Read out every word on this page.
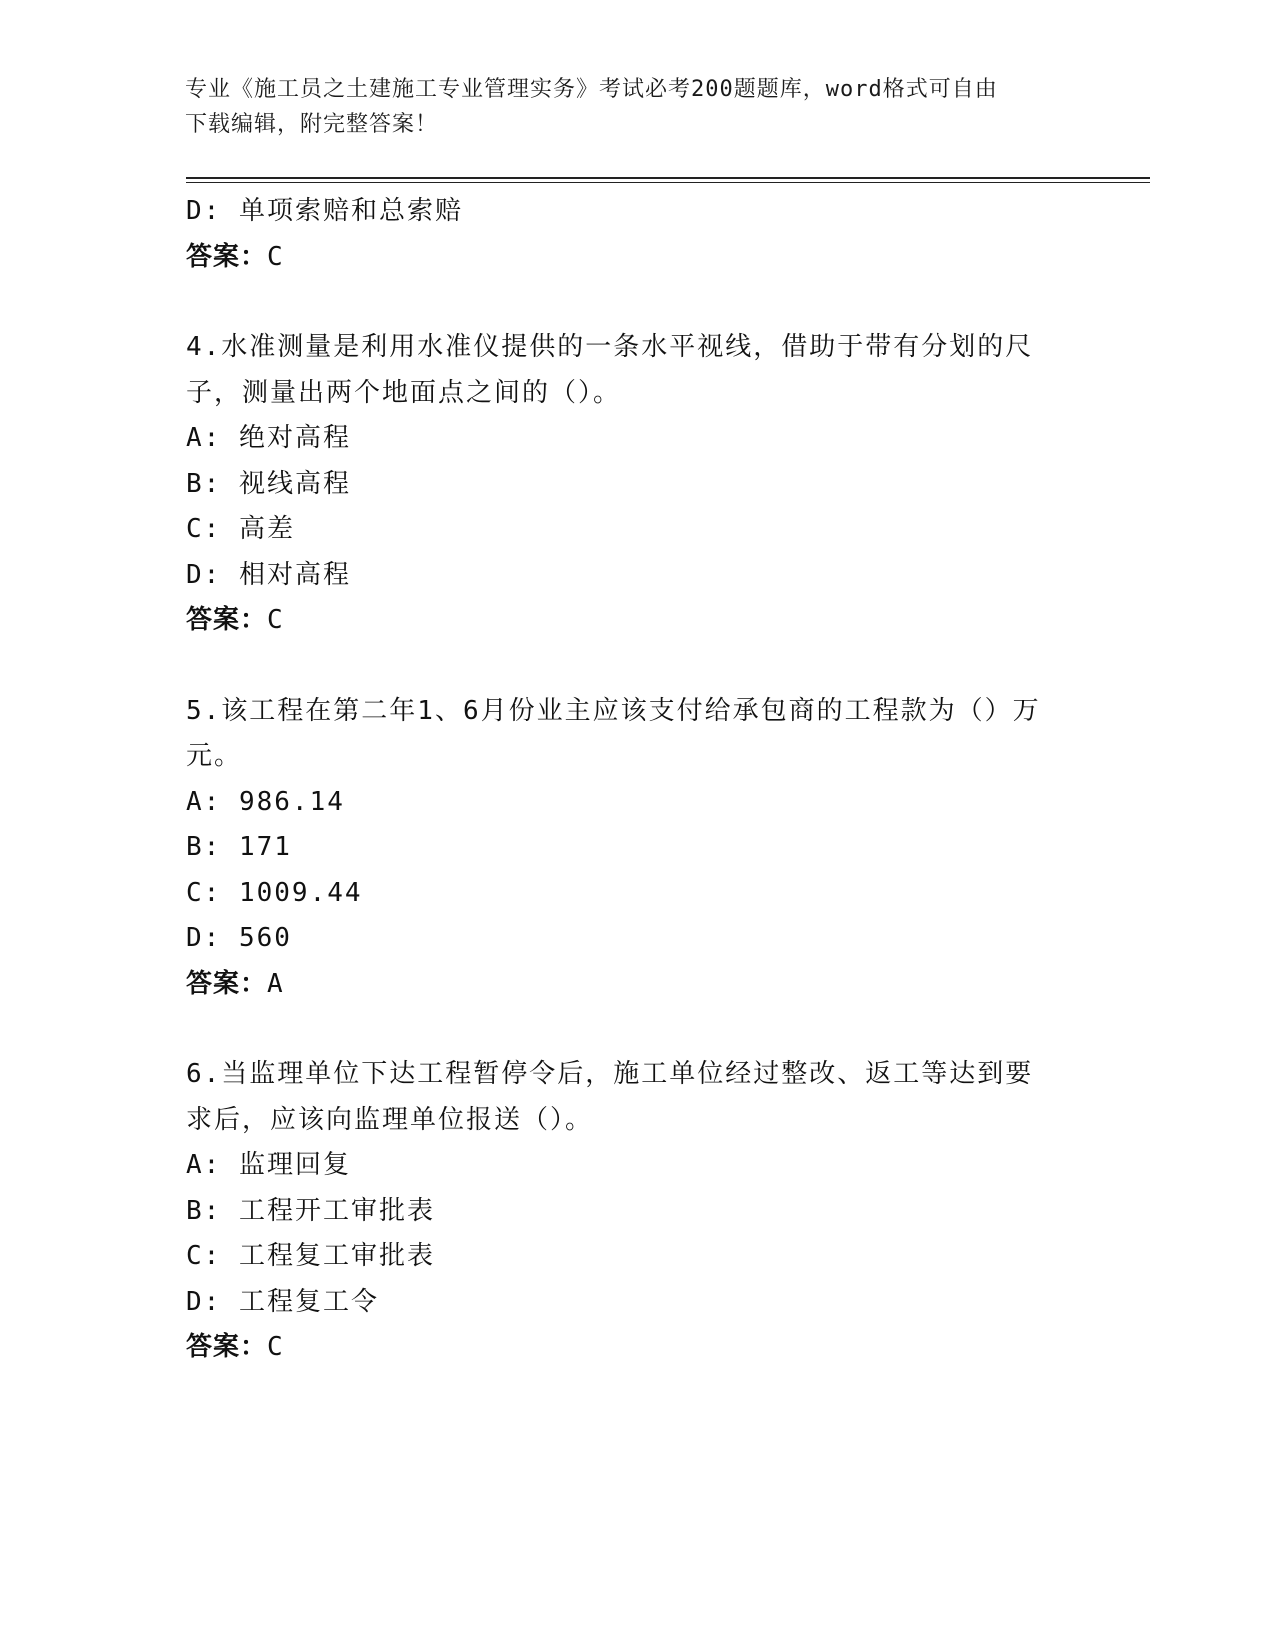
专业《施工员之土建施工专业管理实务》考试必考200题题库，word格式可自由
下载编辑，附完整答案！
D: 单项索赔和总索赔
答案：C
4.水准测量是利用水准仪提供的一条水平视线，借助于带有分划的尺
子，测量出两个地面点之间的（）。
A: 绝对高程
B: 视线高程
C: 高差
D: 相对高程
答案：C
5.该工程在第二年1、6月份业主应该支付给承包商的工程款为（）万
元。
A: 986.14
B: 171
C: 1009.44
D: 560
答案：A
6.当监理单位下达工程暂停令后，施工单位经过整改、返工等达到要
求后，应该向监理单位报送（）。
A: 监理回复
B: 工程开工审批表
C: 工程复工审批表
D: 工程复工令
答案：C
